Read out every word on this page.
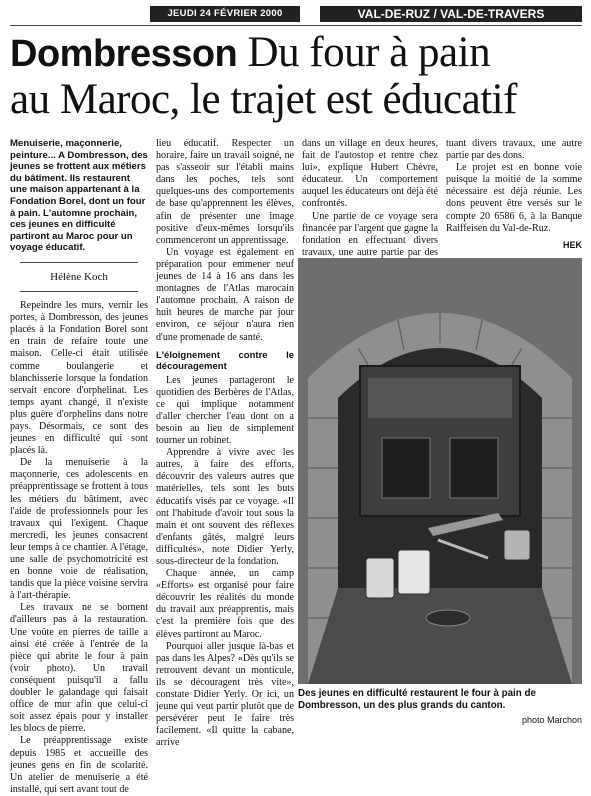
JEUDI 24 FÉVRIER 2000	VAL-DE-RUZ / VAL-DE-TRAVERS
Dombresson Du four à pain
au Maroc, le trajet est éducatif
Menuiserie, maçonnerie, peinture... A Dombresson, des jeunes se frottent aux métiers du bâtiment. Ils restaurent une maison appartenant à la Fondation Borel, dont un four à pain. L'automne prochain, ces jeunes en difficulté partiront au Maroc pour un voyage éducatif.
Hélène Koch

Repeindre les murs, vernir les portes, à Dombresson, des jeunes placés à la Fondation Borel sont en train de refaire toute une maison. Celle-ci était utilisée comme boulangerie et blanchisserie lorsque la fondation servait encore d'orphelinat. Les temps ayant changé, il n'existe plus guère d'orphelins dans notre pays. Désormais, ce sont des jeunes en difficulté qui sont placés là.

De la menuiserie à la maçonnerie, ces adolescents en préapprentissage se frottent à tous les métiers du bâtiment, avec l'aide de professionnels pour les travaux qui l'exigent. Chaque mercredi, les jeunes consacrent leur temps à ce chantier. A l'étage, une salle de psychomotricité est en bonne voie de réalisation, tandis que la pièce voisine servira à l'art-thérapie.

Les travaux ne se bornent d'ailleurs pas à la restauration. Une voûte en pierres de taille a ainsi été créée à l'entrée de la pièce qui abrite le four à pain (voir photo). Un travail conséquent puisqu'il a fallu doubler le galandage qui faisait office de mur afin que celui-ci soit assez épais pour y installer les blocs de pierre.

Le préapprentissage existe depuis 1985 et accueille des jeunes gens en fin de scolarité. Un atelier de menuiserie a été installé, qui sert avant tout de

lieu éducatif. Respecter un horaire, faire un travail soigné, ne pas s'asseoir sur l'établi mains dans les poches, tels sont quelques-uns des comportements de base qu'apprennent les élèves, afin de présenter une image positive d'eux-mêmes lorsqu'ils commenceront un apprentissage.

Un voyage est également en préparation pour emmener neuf jeunes de 14 à 16 ans dans les montagnes de l'Atlas marocain l'automne prochain. A raison de huit heures de marche par jour environ, ce séjour n'aura rien d'une promenade de santé.

L'éloignement contre le découragement

Les jeunes partageront le quotidien des Berbères de l'Atlas, ce qui implique notamment d'aller chercher l'eau dont on a besoin au lieu de simplement tourner un robinet.

Apprendre à vivre avec les autres, à faire des efforts, découvrir des valeurs autres que matérielles, tels sont les buts éducatifs visés par ce voyage. «Il ont l'habitude d'avoir tout sous la main et ont souvent des réflexes d'enfants gâtés, malgré leurs difficultés», note Didier Yerly, sous-directeur de la fondation.

Chaque année, un camp «Efforts» est organisé pour faire découvrir les réalités du monde du travail aux préapprentis, mais c'est la première fois que des élèves partiront au Maroc.

Pourquoi aller jusque là-bas et pas dans les Alpes? «Dès qu'ils se retrouvent devant un monticule, ils se découragent très vite», constate Didier Yerly. Or ici, un jeune qui veut partir plutôt que de persévérer peut le faire très facilement. «Il quitte la cabane, arrive

dans un village en deux heures, fait de l'autostop et rentre chez lui», explique Hubert Chèvre, éducateur. Un comportement auquel les éducateurs ont déjà été confrontés.

Une partie de ce voyage sera financée par l'argent que gagne la fondation en effectuant divers travaux, une autre partie par des

tuant divers travaux, une autre partie par des dons.

Le projet est en bonne voie puisque la moitié de la somme nécessaire est déjà réunie. Les dons peuvent être versés sur le compte 20 6586 6, à la Banque Raiffeisen du Val-de-Ruz.

HEK
Des jeunes en difficulté restaurent le four à pain de Dombresson, un des plus grands du canton.
photo Marchon
